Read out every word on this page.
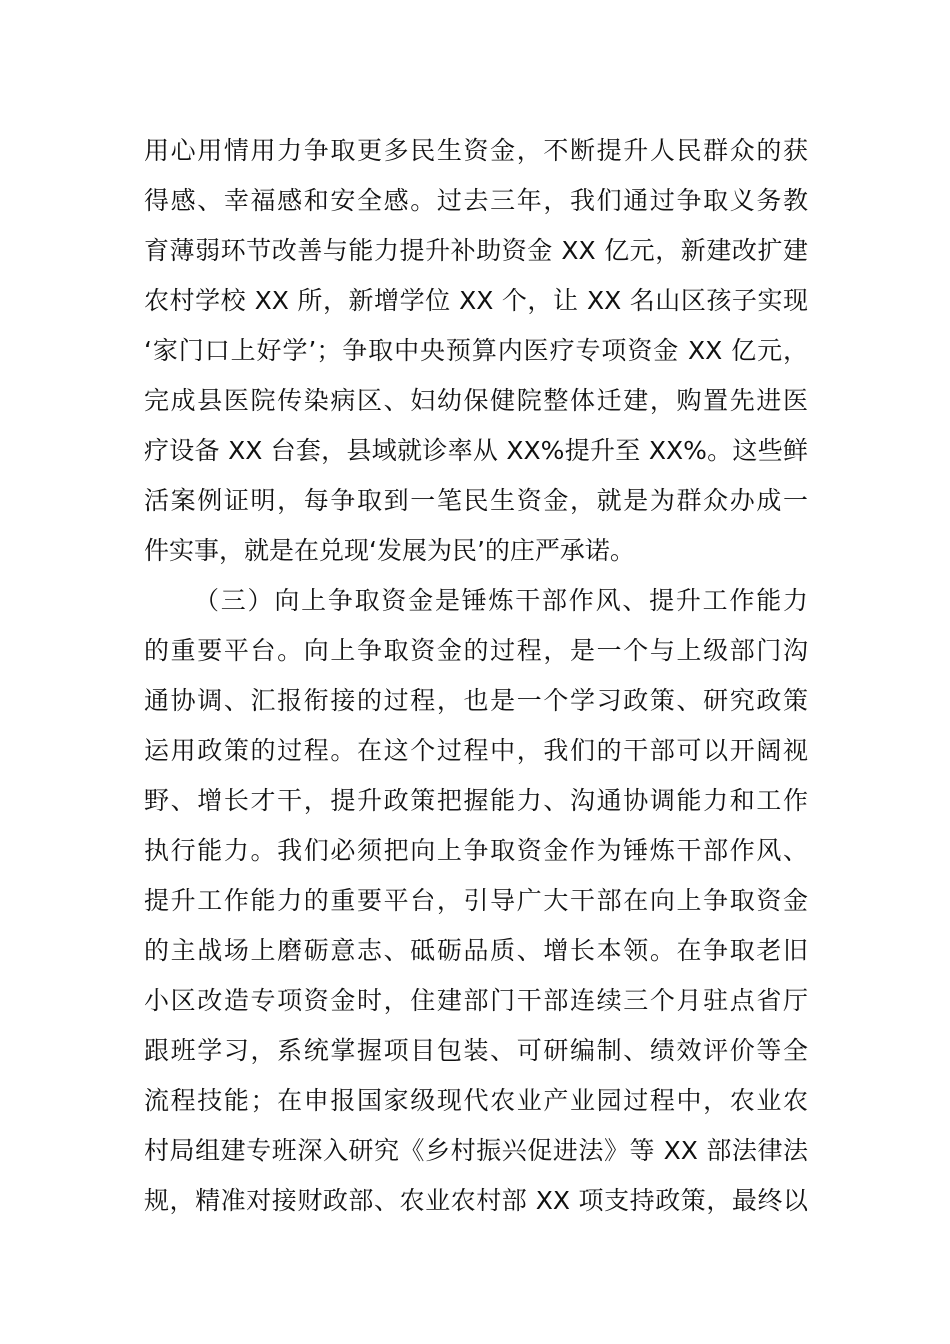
用心用情用力争取更多民生资金，不断提升人民群众的获
得感、幸福感和安全感。过去三年，我们通过争取义务教
育薄弱环节改善与能力提升补助资金 XX 亿元，新建改扩建
农村学校 XX 所，新增学位 XX 个，让 XX 名山区孩子实现
‘家门口上好学’；争取中央预算内医疗专项资金 XX 亿元，
完成县医院传染病区、妇幼保健院整体迁建，购置先进医
疗设备 XX 台套，县域就诊率从 XX%提升至 XX%。这些鲜
活案例证明，每争取到一笔民生资金，就是为群众办成一
件实事，就是在兑现‘发展为民’的庄严承诺。
（三）向上争取资金是锤炼干部作风、提升工作能力
的重要平台。向上争取资金的过程，是一个与上级部门沟
通协调、汇报衔接的过程，也是一个学习政策、研究政策
运用政策的过程。在这个过程中，我们的干部可以开阔视
野、增长才干，提升政策把握能力、沟通协调能力和工作
执行能力。我们必须把向上争取资金作为锤炼干部作风、
提升工作能力的重要平台，引导广大干部在向上争取资金
的主战场上磨砺意志、砥砺品质、增长本领。在争取老旧
小区改造专项资金时，住建部门干部连续三个月驻点省厅
跟班学习，系统掌握项目包装、可研编制、绩效评价等全
流程技能；在申报国家级现代农业产业园过程中，农业农
村局组建专班深入研究《乡村振兴促进法》等 XX 部法律法
规，精准对接财政部、农业农村部 XX 项支持政策，最终以
